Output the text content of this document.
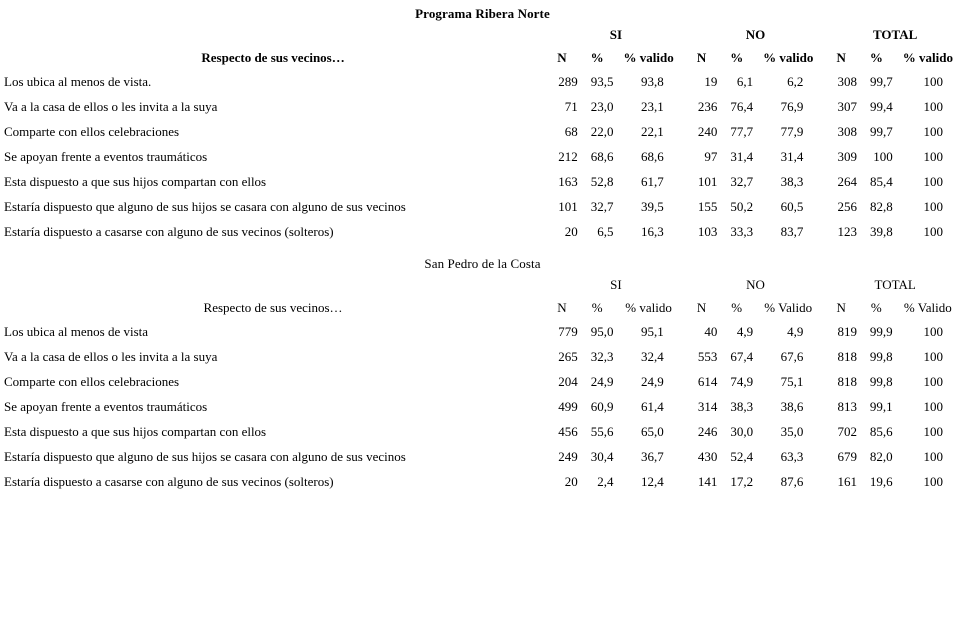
Programa Ribera Norte
Respecto de sus vecinos…	SI			NO			TOTAL		
	N	%	% valido	N	%	% valido	N	%	% valido
Los ubica al menos de vista.	289	93,5	93,8	19	6,1	6,2	308	99,7	100
Va a la casa de ellos o les invita a la suya	71	23,0	23,1	236	76,4	76,9	307	99,4	100
Comparte con ellos celebraciones	68	22,0	22,1	240	77,7	77,9	308	99,7	100
Se apoyan frente a eventos traumáticos	212	68,6	68,6	97	31,4	31,4	309	100	100
Esta dispuesto a que sus hijos compartan con ellos	163	52,8	61,7	101	32,7	38,3	264	85,4	100
Estaría dispuesto que alguno de sus hijos se casara con alguno de sus vecinos	101	32,7	39,5	155	50,2	60,5	256	82,8	100
Estaría dispuesto a casarse con alguno de sus vecinos (solteros)	20	6,5	16,3	103	33,3	83,7	123	39,8	100
San Pedro de la Costa
Respecto de sus vecinos…	SI			NO			TOTAL		
	N	%	% valido	N	%	% Valido	N	%	% Valido
Los ubica al menos de vista	779	95,0	95,1	40	4,9	4,9	819	99,9	100
Va a la casa de ellos o les invita a la suya	265	32,3	32,4	553	67,4	67,6	818	99,8	100
Comparte con ellos celebraciones	204	24,9	24,9	614	74,9	75,1	818	99,8	100
Se apoyan frente a eventos traumáticos	499	60,9	61,4	314	38,3	38,6	813	99,1	100
Esta dispuesto a que sus hijos compartan con ellos	456	55,6	65,0	246	30,0	35,0	702	85,6	100
Estaría dispuesto que alguno de sus hijos se casara con alguno de sus vecinos	249	30,4	36,7	430	52,4	63,3	679	82,0	100
Estaría dispuesto a casarse con alguno de sus vecinos (solteros)	20	2,4	12,4	141	17,2	87,6	161	19,6	100
